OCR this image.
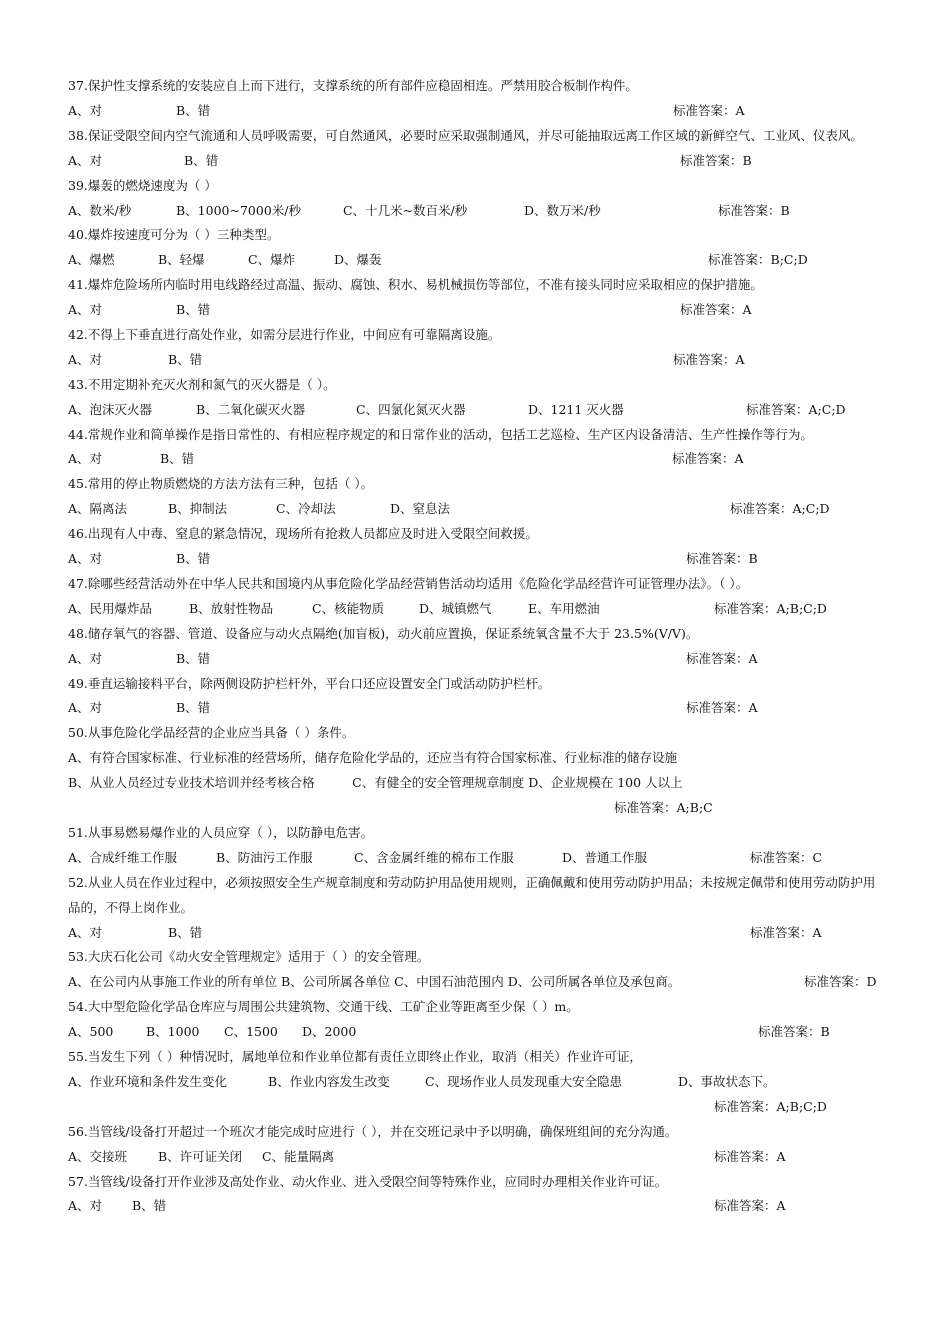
37.保护性支撑系统的安装应自上而下进行，支撑系统的所有部件应稳固相连。严禁用胶合板制作构件。
A、对	B、错	标准答案：A
38.保证受限空间内空气流通和人员呼吸需要，可自然通风，必要时应采取强制通风，并尽可能抽取远离工作区域的新鲜空气、工业风、仪表风。
A、对	B、错	标准答案：B
39.爆轰的燃烧速度为（ ）
A、数米/秒	B、1000~7000米/秒	C、十几米~数百米/秒	D、数万米/秒	标准答案：B
40.爆炸按速度可分为（ ）三种类型。
A、爆燃	B、轻爆	C、爆炸	D、爆轰	标准答案：B;C;D
41.爆炸危险场所内临时用电线路经过高温、振动、腐蚀、积水、易机械损伤等部位，不准有接头同时应采取相应的保护措施。
A、对	B、错	标准答案：A
42.不得上下垂直进行高处作业，如需分层进行作业，中间应有可靠隔离设施。
A、对	B、错	标准答案：A
43.不用定期补充灭火剂和氮气的灭火器是（ ）。
A、泡沫灭火器	B、二氧化碳灭火器	C、四氯化氮灭火器	D、1211 灭火器	标准答案：A;C;D
44.常规作业和简单操作是指日常性的、有相应程序规定的和日常作业的活动，包括工艺巡检、生产区内设备清洁、生产性操作等行为。
A、对	B、错	标准答案：A
45.常用的停止物质燃烧的方法方法有三种，包括（ ）。
A、隔离法	B、抑制法	C、冷却法	D、窒息法	标准答案：A;C;D
46.出现有人中毒、窒息的紧急情况，现场所有抢救人员都应及时进入受限空间救援。
A、对	B、错	标准答案：B
47.除哪些经营活动外在中华人民共和国境内从事危险化学品经营销售活动均适用《危险化学品经营许可证管理办法》。（ ）。
A、民用爆炸品	B、放射性物品	C、核能物质	D、城镇燃气	E、车用燃油	标准答案：A;B;C;D
48.储存氧气的容器、管道、设备应与动火点隔绝(加盲板)，动火前应置换，保证系统氧含量不大于 23.5%(V/V)。
A、对	B、错	标准答案：A
49.垂直运输接料平台，除两侧设防护栏杆外，平台口还应设置安全门或活动防护栏杆。
A、对	B、错	标准答案：A
50.从事危险化学品经营的企业应当具备（ ）条件。
A、有符合国家标准、行业标准的经营场所，储存危险化学品的，还应当有符合国家标准、行业标准的储存设施
B、从业人员经过专业技术培训并经考核合格　　　C、有健全的安全管理规章制度 D、企业规模在 100 人以上
标准答案：A;B;C
51.从事易燃易爆作业的人员应穿（ ），以防静电危害。
A、合成纤维工作服	B、防油污工作服	C、含金属纤维的棉布工作服	D、普通工作服	标准答案：C
52.从业人员在作业过程中，必须按照安全生产规章制度和劳动防护用品使用规则，正确佩戴和使用劳动防护用品；未按规定佩带和使用劳动防护用品的，不得上岗作业。
A、对	B、错	标准答案：A
53.大庆石化公司《动火安全管理规定》适用于（ ）的安全管理。
A、在公司内从事施工作业的所有单位 B、公司所属各单位 C、中国石油范围内 D、公司所属各单位及承包商。	标准答案：D
54.大中型危险化学品仓库应与周围公共建筑物、交通干线、工矿企业等距离至少保（ ）m。
A、500	B、1000 C、1500 D、2000	标准答案：B
55.当发生下列（ ）种情况时，属地单位和作业单位都有责任立即终止作业，取消（相关）作业许可证，
A、作业环境和条件发生变化	B、作业内容发生改变	C、现场作业人员发现重大安全隐患	D、事故状态下。
标准答案：A;B;C;D
56.当管线/设备打开超过一个班次才能完成时应进行（ ），并在交班记录中予以明确，确保班组间的充分沟通。
A、交接班 B、许可证关闭 C、能量隔离	标准答案：A
57.当管线/设备打开作业涉及高处作业、动火作业、进入受限空间等特殊作业，应同时办理相关作业许可证。
A、对 B、错	标准答案：A
